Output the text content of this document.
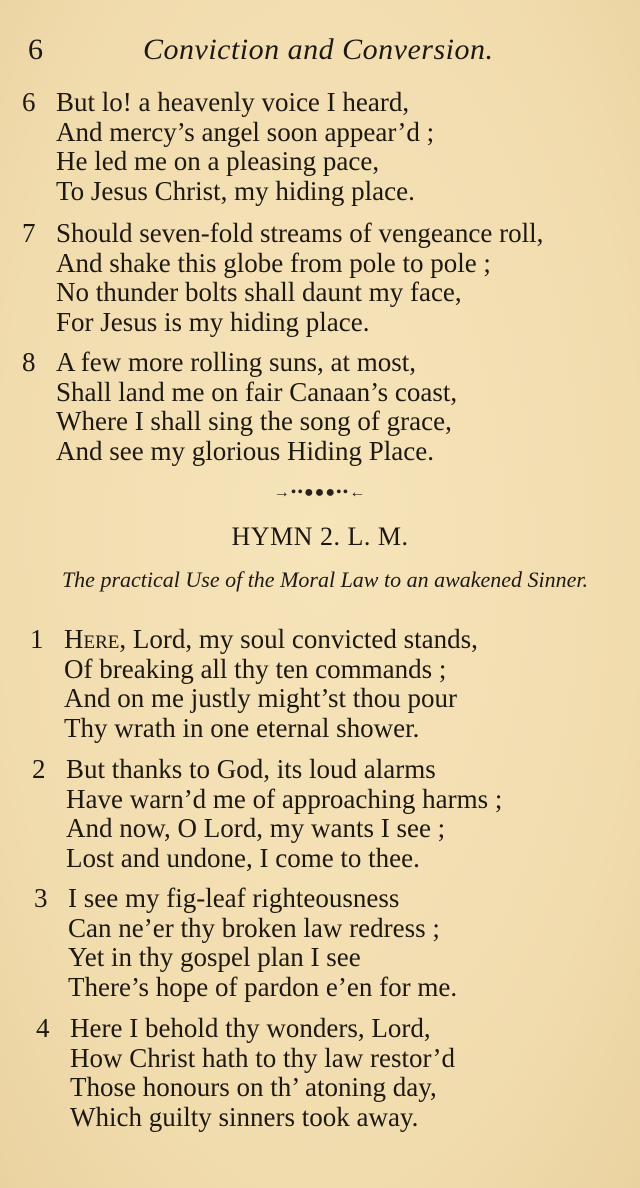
6	Conviction and Conversion.
6 But lo! a heavenly voice I heard,
And mercy’s angel soon appear’d ;
He led me on a pleasing pace,
To Jesus Christ, my hiding place.
7 Should seven-fold streams of vengeance roll,
And shake this globe from pole to pole ;
No thunder bolts shall daunt my face,
For Jesus is my hiding place.
8 A few more rolling suns, at most,
Shall land me on fair Canaan’s coast,
Where I shall sing the song of grace,
And see my glorious Hiding Place.
→••●●●••←
HYMN 2. L. M.
The practical Use of the Moral Law to an awakened Sinner.
1 Here, Lord, my soul convicted stands,
Of breaking all thy ten commands ;
And on me justly might’st thou pour
Thy wrath in one eternal shower.
2 But thanks to God, its loud alarms
Have warn’d me of approaching harms ;
And now, O Lord, my wants I see ;
Lost and undone, I come to thee.
3 I see my fig-leaf righteousness
Can ne’er thy broken law redress ;
Yet in thy gospel plan I see
There’s hope of pardon e’en for me.
4 Here I behold thy wonders, Lord,
How Christ hath to thy law restor’d
Those honours on th’ atoning day,
Which guilty sinners took away.
